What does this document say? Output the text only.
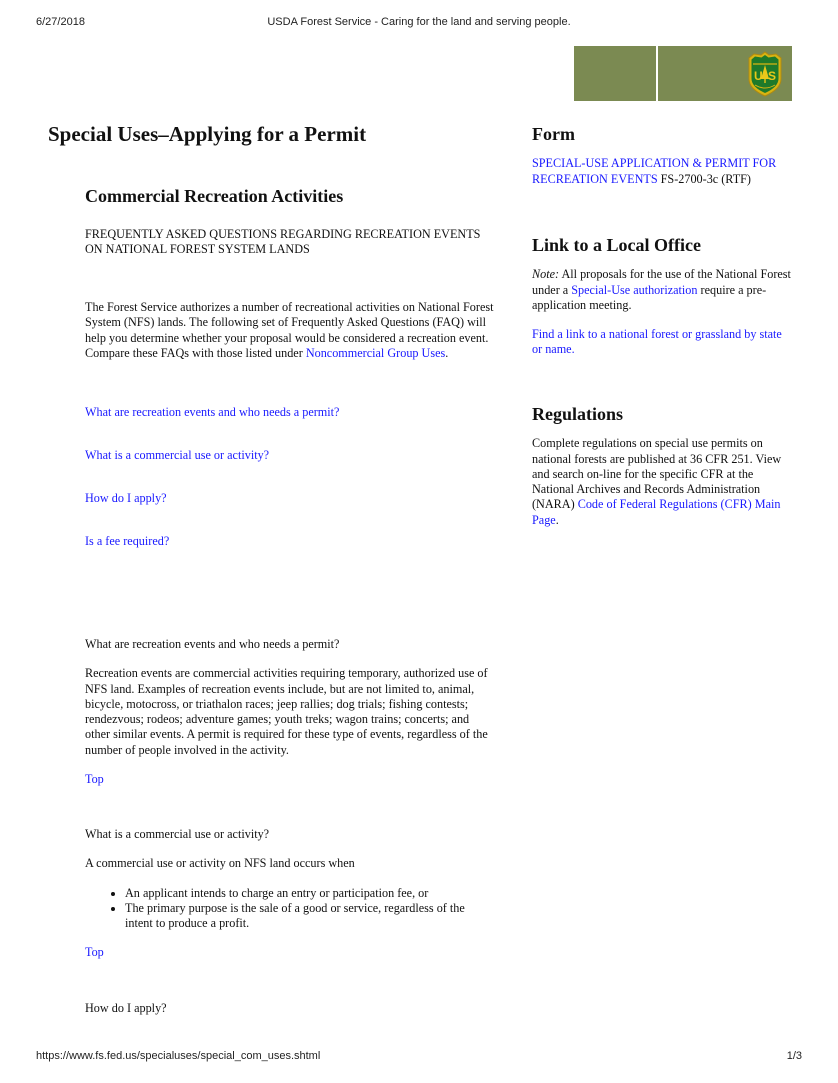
6/27/2018	USDA Forest Service - Caring for the land and serving people.
U S
Special Uses–Applying for a Permit
Commercial Recreation Activities
FREQUENTLY ASKED QUESTIONS REGARDING RECREATION EVENTS ON NATIONAL FOREST SYSTEM LANDS
The Forest Service authorizes a number of recreational activities on National Forest System (NFS) lands. The following set of Frequently Asked Questions (FAQ) will help you determine whether your proposal would be considered a recreation event. Compare these FAQs with those listed under Noncommercial Group Uses.
What are recreation events and who needs a permit?
What is a commercial use or activity?
How do I apply?
Is a fee required?

What are recreation events and who needs a permit?

Recreation events are commercial activities requiring temporary, authorized use of NFS land. Examples of recreation events include, but are not limited to, animal, bicycle, motocross, or triathalon races; jeep rallies; dog trials; fishing contests; rendezvous; rodeos; adventure games; youth treks; wagon trains; concerts; and other similar events. A permit is required for these type of events, regardless of the number of people involved in the activity.

Top

What is a commercial use or activity?

A commercial use or activity on NFS land occurs when

• An applicant intends to charge an entry or participation fee, or
• The primary purpose is the sale of a good or service, regardless of the intent to produce a profit.

Top

How do I apply?

Form

SPECIAL-USE APPLICATION & PERMIT FOR RECREATION EVENTS FS-2700-3c (RTF)

Link to a Local Office

Note: All proposals for the use of the National Forest under a Special-Use authorization require a pre-application meeting.

Find a link to a national forest or grassland by state or name.

Regulations

Complete regulations on special use permits on national forests are published at 36 CFR 251. View and search on-line for the specific CFR at the National Archives and Records Administration (NARA) Code of Federal Regulations (CFR) Main Page.

https://www.fs.fed.us/specialuses/special_com_uses.shtml	1/3
